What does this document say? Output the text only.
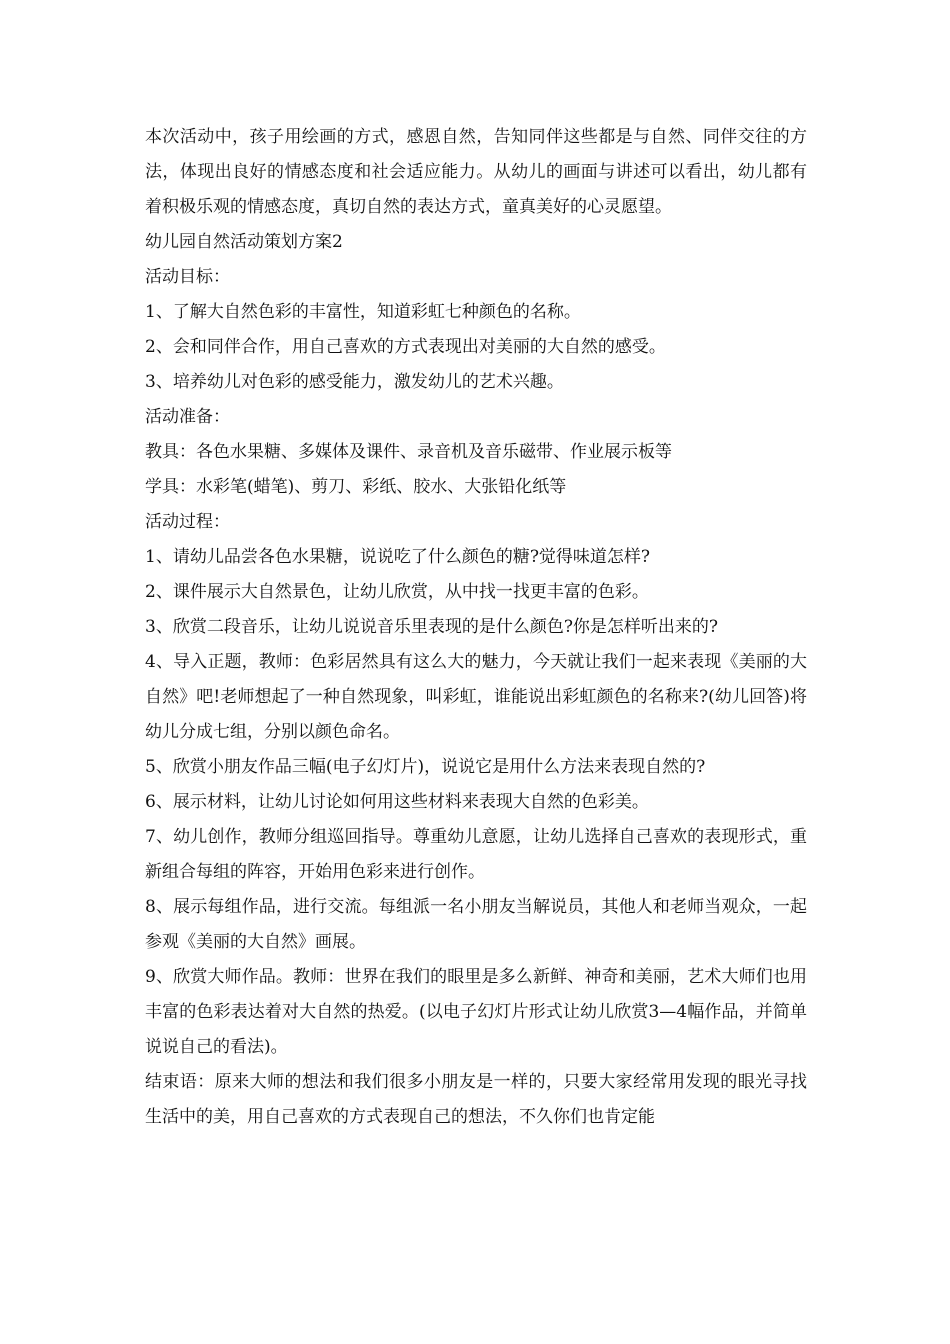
本次活动中，孩子用绘画的方式，感恩自然，告知同伴这些都是与自然、同伴交往的方法，体现出良好的情感态度和社会适应能力。从幼儿的画面与讲述可以看出，幼儿都有着积极乐观的情感态度，真切自然的表达方式，童真美好的心灵愿望。

幼儿园自然活动策划方案2

活动目标：

1、了解大自然色彩的丰富性，知道彩虹七种颜色的名称。

2、会和同伴合作，用自己喜欢的方式表现出对美丽的大自然的感受。

3、培养幼儿对色彩的感受能力，激发幼儿的艺术兴趣。

活动准备：

教具：各色水果糖、多媒体及课件、录音机及音乐磁带、作业展示板等

学具：水彩笔(蜡笔)、剪刀、彩纸、胶水、大张铅化纸等

活动过程：

1、请幼儿品尝各色水果糖，说说吃了什么颜色的糖?觉得味道怎样?

2、课件展示大自然景色，让幼儿欣赏，从中找一找更丰富的色彩。

3、欣赏二段音乐，让幼儿说说音乐里表现的是什么颜色?你是怎样听出来的?

4、导入正题，教师：色彩居然具有这么大的魅力，今天就让我们一起来表现《美丽的大自然》吧!老师想起了一种自然现象，叫彩虹，谁能说出彩虹颜色的名称来?(幼儿回答)将幼儿分成七组，分别以颜色命名。

5、欣赏小朋友作品三幅(电子幻灯片)，说说它是用什么方法来表现自然的?

6、展示材料，让幼儿讨论如何用这些材料来表现大自然的色彩美。

7、幼儿创作，教师分组巡回指导。尊重幼儿意愿，让幼儿选择自己喜欢的表现形式，重新组合每组的阵容，开始用色彩来进行创作。

8、展示每组作品，进行交流。每组派一名小朋友当解说员，其他人和老师当观众，一起参观《美丽的大自然》画展。

9、欣赏大师作品。教师：世界在我们的眼里是多么新鲜、神奇和美丽，艺术大师们也用丰富的色彩表达着对大自然的热爱。(以电子幻灯片形式让幼儿欣赏3—4幅作品，并简单说说自己的看法)。

结束语：原来大师的想法和我们很多小朋友是一样的，只要大家经常用发现的眼光寻找生活中的美，用自己喜欢的方式表现自己的想法，不久你们也肯定能
